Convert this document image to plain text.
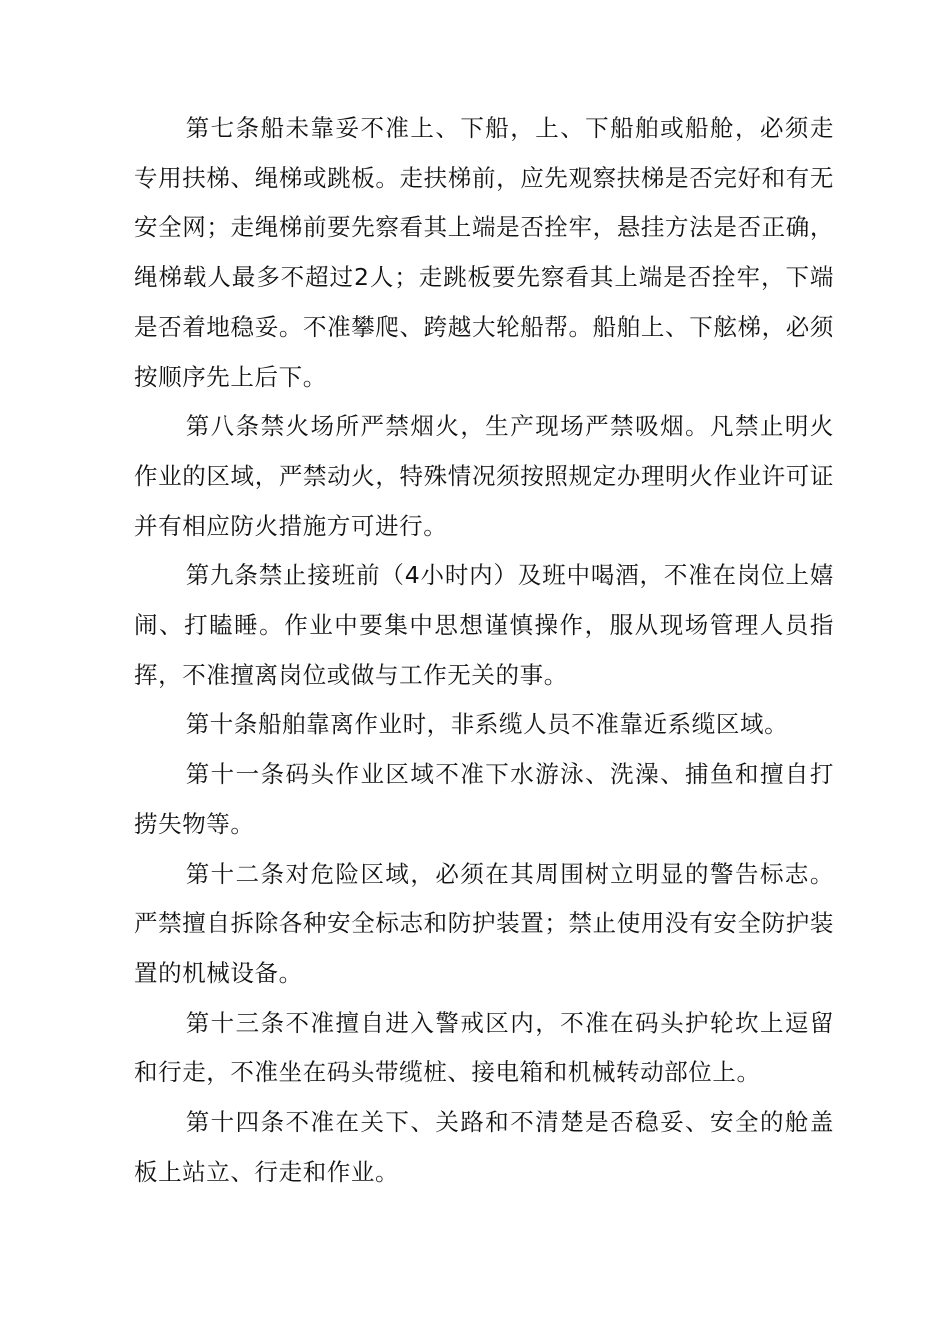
第七条船未靠妥不准上、下船，上、下船舶或船舱，必须走专用扶梯、绳梯或跳板。走扶梯前，应先观察扶梯是否完好和有无安全网；走绳梯前要先察看其上端是否拴牢，悬挂方法是否正确，绳梯载人最多不超过2人；走跳板要先察看其上端是否拴牢，下端是否着地稳妥。不准攀爬、跨越大轮船帮。船舶上、下舷梯，必须按顺序先上后下。

第八条禁火场所严禁烟火，生产现场严禁吸烟。凡禁止明火作业的区域，严禁动火，特殊情况须按照规定办理明火作业许可证并有相应防火措施方可进行。

第九条禁止接班前（4小时内）及班中喝酒，不准在岗位上嬉闹、打瞌睡。作业中要集中思想谨慎操作，服从现场管理人员指挥，不准擅离岗位或做与工作无关的事。

第十条船舶靠离作业时，非系缆人员不准靠近系缆区域。

第十一条码头作业区域不准下水游泳、洗澡、捕鱼和擅自打捞失物等。

第十二条对危险区域，必须在其周围树立明显的警告标志。严禁擅自拆除各种安全标志和防护装置；禁止使用没有安全防护装置的机械设备。

第十三条不准擅自进入警戒区内，不准在码头护轮坎上逗留和行走，不准坐在码头带缆桩、接电箱和机械转动部位上。

第十四条不准在关下、关路和不清楚是否稳妥、安全的舱盖板上站立、行走和作业。
